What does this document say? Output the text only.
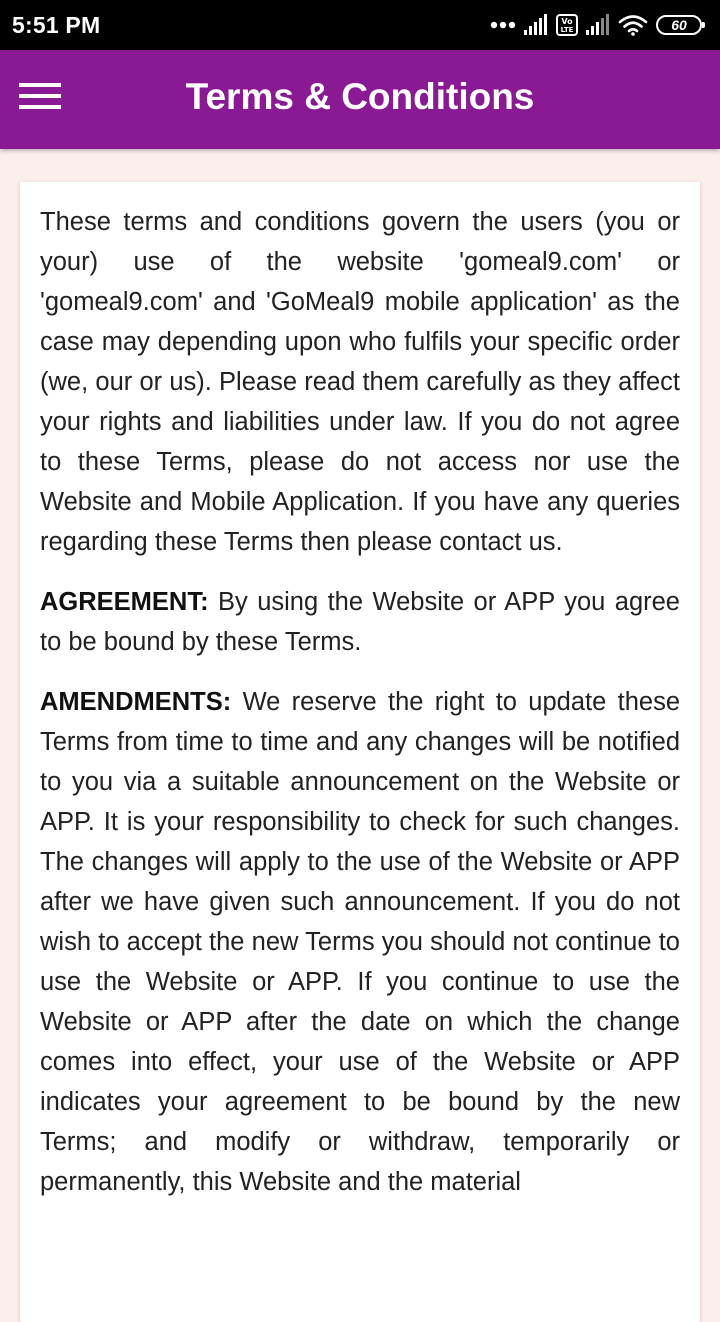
5:51 PM	Vo
LTE	60
Terms & Conditions

These terms and conditions govern the users (you or your) use of the website 'gomeal9.com' or 'gomeal9.com' and 'GoMeal9 mobile application' as the case may depending upon who fulfils your specific order (we, our or us). Please read them carefully as they affect your rights and liabilities under law. If you do not agree to these Terms, please do not access nor use the Website and Mobile Application. If you have any queries regarding these Terms then please contact us.

AGREEMENT: By using the Website or APP you agree to be bound by these Terms.

AMENDMENTS: We reserve the right to update these Terms from time to time and any changes will be notified to you via a suitable announcement on the Website or APP. It is your responsibility to check for such changes. The changes will apply to the use of the Website or APP after we have given such announcement. If you do not wish to accept the new Terms you should not continue to use the Website or APP. If you continue to use the Website or APP after the date on which the change comes into effect, your use of the Website or APP indicates your agreement to be bound by the new Terms; and modify or withdraw, temporarily or permanently, this Website and the material
